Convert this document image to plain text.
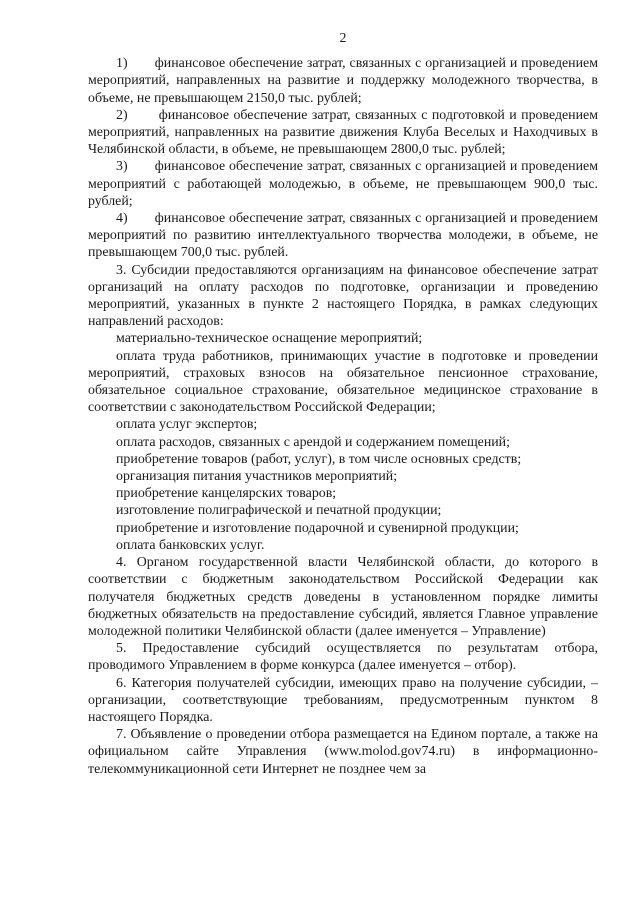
2

1)       финансовое обеспечение затрат, связанных с организацией и проведением мероприятий, направленных на развитие и поддержку молодежного творчества, в объеме, не превышающем 2150,0 тыс. рублей;

2)       финансовое обеспечение затрат, связанных с подготовкой и проведением мероприятий, направленных на развитие движения Клуба Веселых и Находчивых в Челябинской области, в объеме, не превышающем 2800,0 тыс. рублей;

3)       финансовое обеспечение затрат, связанных с организацией и проведением мероприятий с работающей молодежью, в объеме, не превышающем 900,0 тыс. рублей;

4)       финансовое обеспечение затрат, связанных с организацией и проведением мероприятий по развитию интеллектуального творчества молодежи, в объеме, не превышающем 700,0 тыс. рублей.

3. Субсидии предоставляются организациям на финансовое обеспечение затрат организаций на оплату расходов по подготовке, организации и проведению мероприятий, указанных в пункте 2 настоящего Порядка, в рамках следующих направлений расходов:

материально-техническое оснащение мероприятий;

оплата труда работников, принимающих участие в подготовке и проведении мероприятий, страховых взносов на обязательное пенсионное страхование, обязательное социальное страхование, обязательное медицинское страхование в соответствии с законодательством Российской Федерации;

оплата услуг экспертов;

оплата расходов, связанных с арендой и содержанием помещений;

приобретение товаров (работ, услуг), в том числе основных средств;

организация питания участников мероприятий;

приобретение канцелярских товаров;

изготовление полиграфической и печатной продукции;

приобретение и изготовление подарочной и сувенирной продукции;

оплата банковских услуг.

4. Органом государственной власти Челябинской области, до которого в соответствии с бюджетным законодательством Российской Федерации как получателя бюджетных средств доведены в установленном порядке лимиты бюджетных обязательств на предоставление субсидий, является Главное управление молодежной политики Челябинской области (далее именуется – Управление)

5. Предоставление субсидий осуществляется по результатам отбора, проводимого Управлением в форме конкурса (далее именуется – отбор).

6. Категория получателей субсидии, имеющих право на получение субсидии, – организации, соответствующие требованиям, предусмотренным пунктом 8 настоящего Порядка.

7. Объявление о проведении отбора размещается на Едином портале, а также на официальном сайте Управления (www.molod.gov74.ru) в информационно-телекоммуникационной сети Интернет не позднее чем за
